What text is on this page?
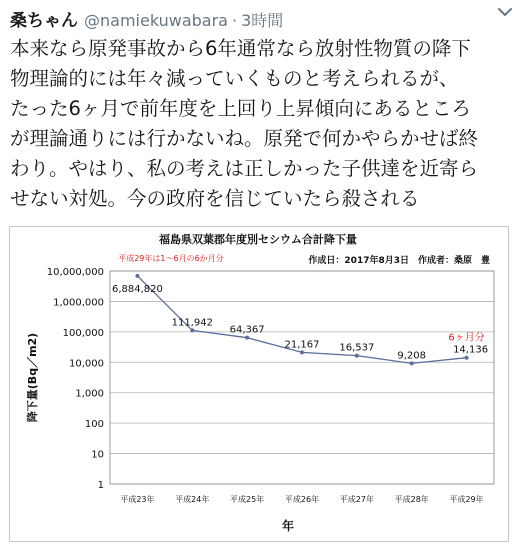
桑ちゃん @namiekuwabara · 3時間
本来なら原発事故から6年通常なら放射性物質の降下
物理論的には年々減っていくものと考えられるが、
たった6ヶ月で前年度を上回り上昇傾向にあるところ
が理論通りには行かないね。原発で何かやらかせば終
わり。やはり、私の考えは正しかった子供達を近寄ら
せない対処。今の政府を信じていたら殺される
福島県双葉郡年度別セシウム合計降下量
作成日：2017年8月3日　作成者：桑原　豊
1
10
100
1,000
10,000
100,000
1,000,000
10,000,000
平成23年	平成24年	平成25年	平成26年	平成27年	平成28年	平成29年
年
降下量(Bq／m2)
6,884,820
111,942
64,367
21,167 16,537
9,208
14,136
平成29年は1～6月の6か月分
6ヶ月分
